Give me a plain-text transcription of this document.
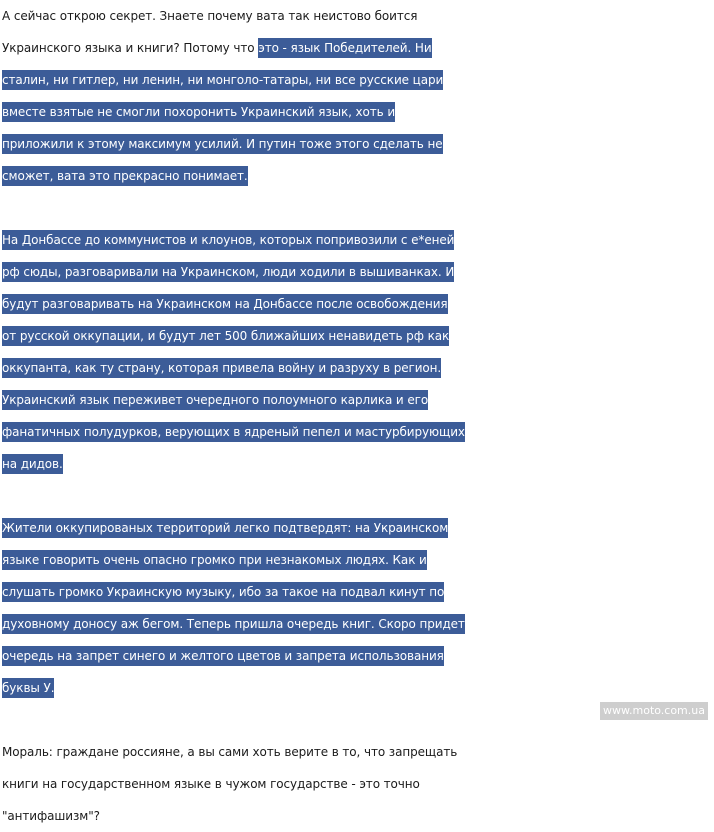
А сейчас открою секрет. Знаете почему вата так неистово боится
Украинского языка и книги? Потому что это - язык Победителей. Ни
сталин, ни гитлер, ни ленин, ни монголо-татары, ни все русские цари
вместе взятые не смогли похоронить Украинский язык, хоть и
приложили к этому максимум усилий. И путин тоже этого сделать не
сможет, вата это прекрасно понимает.
На Донбассе до коммунистов и клоунов, которых попривозили с е*еней
рф сюды, разговаривали на Украинском, люди ходили в вышиванках. И
будут разговаривать на Украинском на Донбассе после освобождения
от русской оккупации, и будут лет 500 ближайших ненавидеть рф как
оккупанта, как ту страну, которая привела войну и разруху в регион.
Украинский язык переживет очередного полоумного карлика и его
фанатичных полудурков, верующих в ядреный пепел и мастурбирующих
на дидов.
Жители оккупированых территорий легко подтвердят: на Украинском
языке говорить очень опасно громко при незнакомых людях. Как и
слушать громко Украинскую музыку, ибо за такое на подвал кинут по
духовному доносу аж бегом. Теперь пришла очередь книг. Скоро придет
очередь на запрет синего и желтого цветов и запрета использования
буквы У.
Мораль: граждане россияне, а вы сами хоть верите в то, что запрещать
книги на государственном языке в чужом государстве - это точно
"антифашизм"?
www.moto.com.ua
